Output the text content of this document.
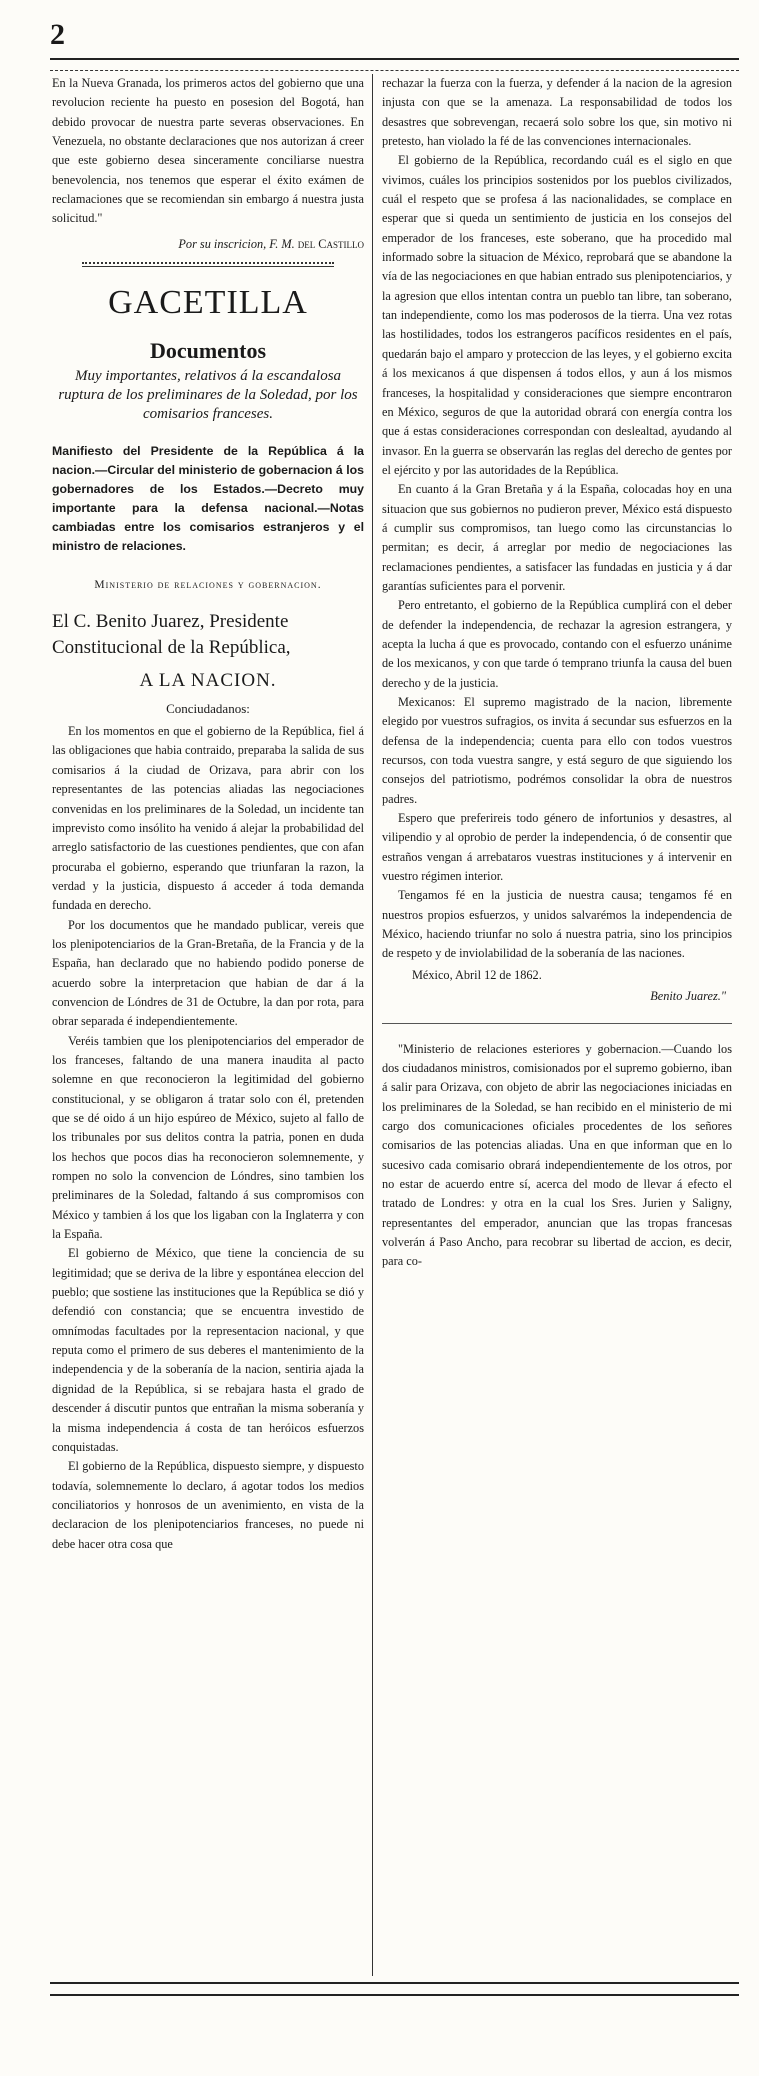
2

En la Nueva Granada, los primeros actos del gobierno que una revolucion reciente ha puesto en posesion del Bogotá, han debido provocar de nuestra parte severas observaciones. En Venezuela, no obstante declaraciones que nos autorizan á creer que este gobierno desea sinceramente conciliarse nuestra benevolencia, nos tenemos que esperar el éxito exámen de reclamaciones que se recomiendan sin embargo á nuestra justa solicitud."

Por su inscricion, F. M. del Castillo
GACETILLA
Documentos
Muy importantes, relativos á la escandalosa ruptura de los preliminares de la Soledad, por los comisarios franceses.

Manifiesto del Presidente de la República á la nacion.—Circular del ministerio de gobernacion á los gobernadores de los Estados.—Decreto muy importante para la defensa nacional.—Notas cambiadas entre los comisarios estranjeros y el ministro de relaciones.

Ministerio de relaciones y gobernacion.

El C. Benito Juarez, Presidente Constitucional de la República,

A LA NACION.

Conciudadanos:

En los momentos en que el gobierno de la República, fiel á las obligaciones que habia contraido, preparaba la salida de sus comisarios á la ciudad de Orizava, para abrir con los representantes de las potencias aliadas las negociaciones convenidas en los preliminares de la Soledad, un incidente tan imprevisto como insólito ha venido á alejar la probabilidad del arreglo satisfactorio de las cuestiones pendientes, que con afan procuraba el gobierno, esperando que triunfaran la razon, la verdad y la justicia, dispuesto á acceder á toda demanda fundada en derecho.

Por los documentos que he mandado publicar, vereis que los plenipotenciarios de la Gran-Bretaña, de la Francia y de la España, han declarado que no habiendo podido ponerse de acuerdo sobre la interpretacion que habian de dar á la convencion de Lóndres de 31 de Octubre, la dan por rota, para obrar separada é independientemente.

Veréis tambien que los plenipotenciarios del emperador de los franceses, faltando de una manera inaudita al pacto solemne en que reconocieron la legitimidad del gobierno constitucional, y se obligaron á tratar solo con él, pretenden que se dé oido á un hijo espúreo de México, sujeto al fallo de los tribunales por sus delitos contra la patria, ponen en duda los hechos que pocos dias ha reconocieron solemnemente, y rompen no solo la convencion de Lóndres, sino tambien los preliminares de la Soledad, faltando á sus compromisos con México y tambien á los que los ligaban con la Inglaterra y con la España.

El gobierno de México, que tiene la conciencia de su legitimidad; que se deriva de la libre y espontánea eleccion del pueblo; que sostiene las instituciones que la República se dió y defendió con constancia; que se encuentra investido de omnímodas facultades por la representacion nacional, y que reputa como el primero de sus deberes el mantenimiento de la independencia y de la soberanía de la nacion, sentiria ajada la dignidad de la República, si se rebajara hasta el grado de descender á discutir puntos que entrañan la misma soberanía y la misma independencia á costa de tan heróicos esfuerzos conquistadas.

El gobierno de la República, dispuesto siempre, y dispuesto todavía, solemnemente lo declaro, á agotar todos los medios conciliatorios y honrosos de un avenimiento, en vista de la declaracion de los plenipotenciarios franceses, no puede ni debe hacer otra cosa que

rechazar la fuerza con la fuerza, y defender á la nacion de la agresion injusta con que se la amenaza. La responsabilidad de todos los desastres que sobrevengan, recaerá solo sobre los que, sin motivo ni pretesto, han violado la fé de las convenciones internacionales.

El gobierno de la República, recordando cuál es el siglo en que vivimos, cuáles los principios sostenidos por los pueblos civilizados, cuál el respeto que se profesa á las nacionalidades, se complace en esperar que si queda un sentimiento de justicia en los consejos del emperador de los franceses, este soberano, que ha procedido mal informado sobre la situacion de México, reprobará que se abandone la vía de las negociaciones en que habian entrado sus plenipotenciarios, y la agresion que ellos intentan contra un pueblo tan libre, tan soberano, tan independiente, como los mas poderosos de la tierra. Una vez rotas las hostilidades, todos los estrangeros pacíficos residentes en el país, quedarán bajo el amparo y proteccion de las leyes, y el gobierno excita á los mexicanos á que dispensen á todos ellos, y aun á los mismos franceses, la hospitalidad y consideraciones que siempre encontraron en México, seguros de que la autoridad obrará con energía contra los que á estas consideraciones correspondan con deslealtad, ayudando al invasor. En la guerra se observarán las reglas del derecho de gentes por el ejército y por las autoridades de la República.

En cuanto á la Gran Bretaña y á la España, colocadas hoy en una situacion que sus gobiernos no pudieron prever, México está dispuesto á cumplir sus compromisos, tan luego como las circunstancias lo permitan; es decir, á arreglar por medio de negociaciones las reclamaciones pendientes, a satisfacer las fundadas en justicia y á dar garantías suficientes para el porvenir.

Pero entretanto, el gobierno de la República cumplirá con el deber de defender la independencia, de rechazar la agresion estrangera, y acepta la lucha á que es provocado, contando con el esfuerzo unánime de los mexicanos, y con que tarde ó temprano triunfa la causa del buen derecho y de la justicia.

Mexicanos: El supremo magistrado de la nacion, libremente elegido por vuestros sufragios, os invita á secundar sus esfuerzos en la defensa de la independencia; cuenta para ello con todos vuestros recursos, con toda vuestra sangre, y está seguro de que siguiendo los consejos del patriotismo, podrémos consolidar la obra de nuestros padres.

Espero que preferireis todo género de infortunios y desastres, al vilipendio y al oprobio de perder la independencia, ó de consentir que estraños vengan á arrebataros vuestras instituciones y á intervenir en vuestro régimen interior.

Tengamos fé en la justicia de nuestra causa; tengamos fé en nuestros propios esfuerzos, y unidos salvarémos la independencia de México, haciendo triunfar no solo á nuestra patria, sino los principios de respeto y de inviolabilidad de la soberanía de las naciones.

México, Abril 12 de 1862.

Benito Juarez."

"Ministerio de relaciones esteriores y gobernacion.—Cuando los dos ciudadanos ministros, comisionados por el supremo gobierno, iban á salir para Orizava, con objeto de abrir las negociaciones iniciadas en los preliminares de la Soledad, se han recibido en el ministerio de mi cargo dos comunicaciones oficiales procedentes de los señores comisarios de las potencias aliadas. Una en que informan que en lo sucesivo cada comisario obrará independientemente de los otros, por no estar de acuerdo entre sí, acerca del modo de llevar á efecto el tratado de Londres: y otra en la cual los Sres. Jurien y Saligny, representantes del emperador, anuncian que las tropas francesas volverán á Paso Ancho, para recobrar su libertad de accion, es decir, para co-
